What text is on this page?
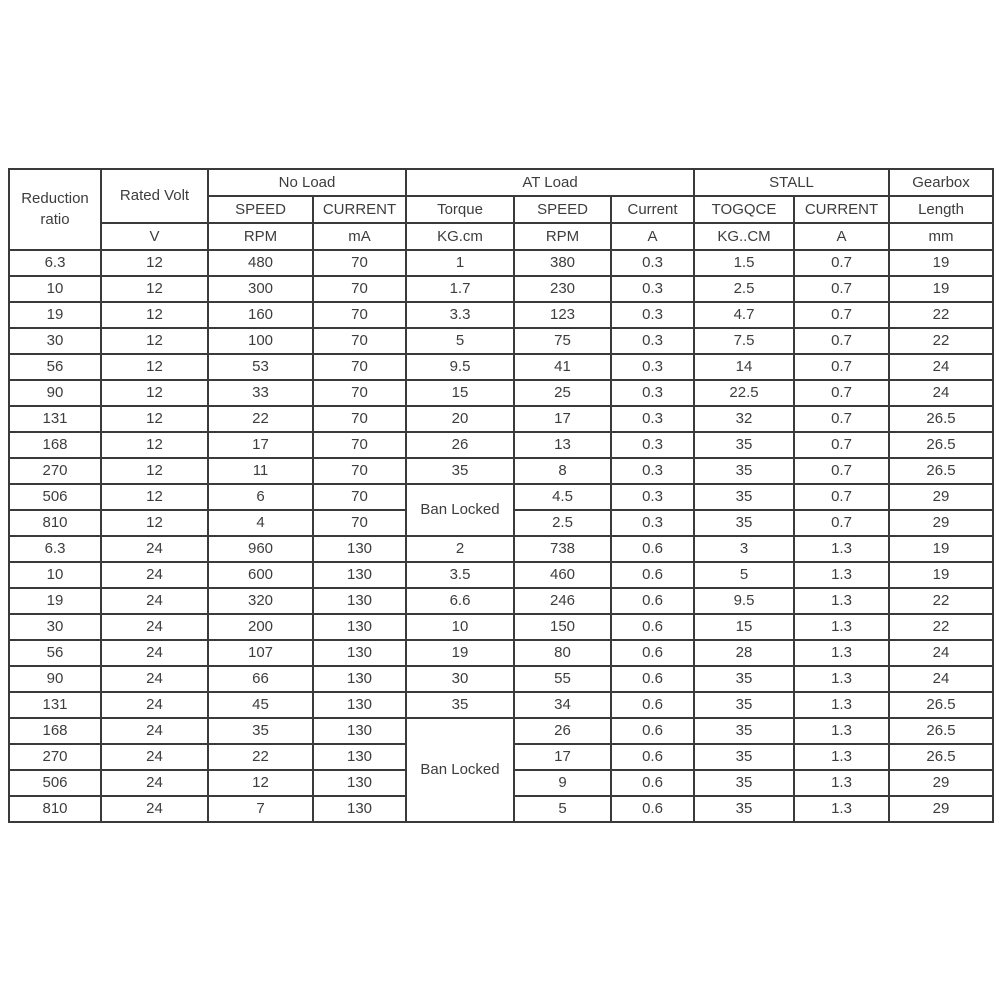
Reduction ratio	Rated Volt	No Load		AT Load			STALL		Gearbox
		SPEED	CURRENT	Torque	SPEED	Current	TOGQCE	CURRENT	Length
	V	RPM	mA	KG.cm	RPM	A	KG..CM	A	mm
6.3	12	480	70	1	380	0.3	1.5	0.7	19
10	12	300	70	1.7	230	0.3	2.5	0.7	19
19	12	160	70	3.3	123	0.3	4.7	0.7	22
30	12	100	70	5	75	0.3	7.5	0.7	22
56	12	53	70	9.5	41	0.3	14	0.7	24
90	12	33	70	15	25	0.3	22.5	0.7	24
131	12	22	70	20	17	0.3	32	0.7	26.5
168	12	17	70	26	13	0.3	35	0.7	26.5
270	12	11	70	35	8	0.3	35	0.7	26.5
506	12	6	70	Ban Locked	4.5	0.3	35	0.7	29
810	12	4	70		2.5	0.3	35	0.7	29
6.3	24	960	130	2	738	0.6	3	1.3	19
10	24	600	130	3.5	460	0.6	5	1.3	19
19	24	320	130	6.6	246	0.6	9.5	1.3	22
30	24	200	130	10	150	0.6	15	1.3	22
56	24	107	130	19	80	0.6	28	1.3	24
90	24	66	130	30	55	0.6	35	1.3	24
131	24	45	130	35	34	0.6	35	1.3	26.5
168	24	35	130	Ban Locked	26	0.6	35	1.3	26.5
270	24	22	130		17	0.6	35	1.3	26.5
506	24	12	130		9	0.6	35	1.3	29
810	24	7	130		5	0.6	35	1.3	29
